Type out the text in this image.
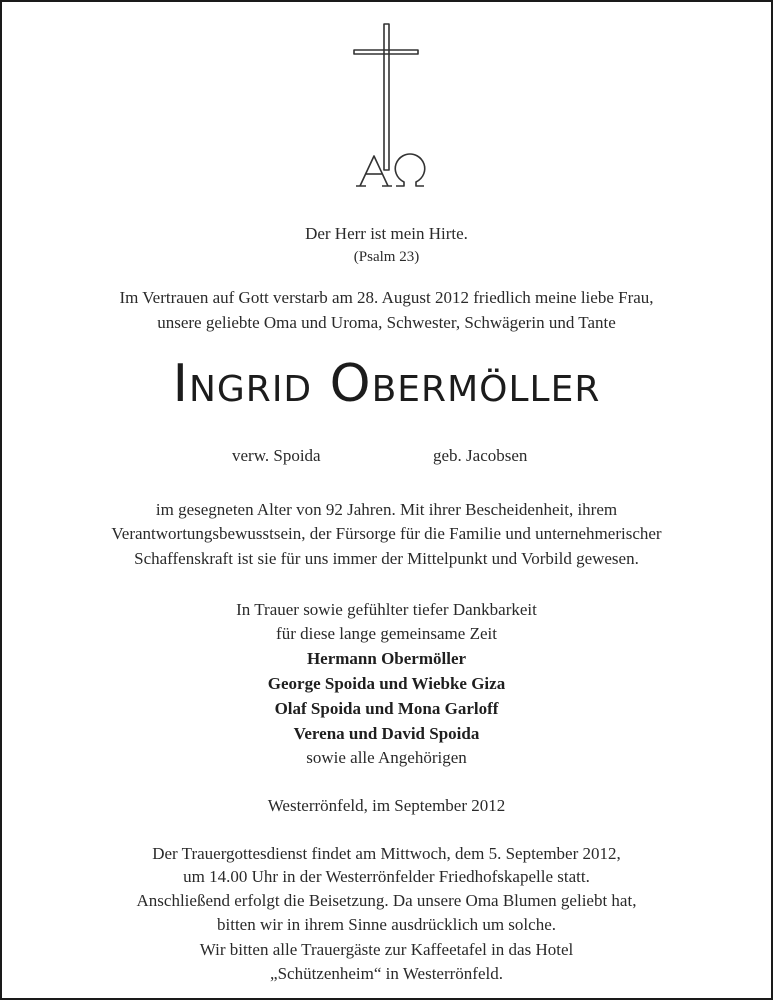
Der Herr ist mein Hirte.
(Psalm 23)
Im Vertrauen auf Gott verstarb am 28. August 2012 friedlich meine liebe Frau,
unsere geliebte Oma und Uroma, Schwester, Schwägerin und Tante
Ingrid Obermöller
verw. Spoida	geb. Jacobsen
im gesegneten Alter von 92 Jahren. Mit ihrer Bescheidenheit, ihrem
Verantwortungsbewusstsein, der Fürsorge für die Familie und unternehmerischer
Schaffenskraft ist sie für uns immer der Mittelpunkt und Vorbild gewesen.
In Trauer sowie gefühlter tiefer Dankbarkeit
für diese lange gemeinsame Zeit
Hermann Obermöller
George Spoida und Wiebke Giza
Olaf Spoida und Mona Garloff
Verena und David Spoida
sowie alle Angehörigen
Westerrönfeld, im September 2012
Der Trauergottesdienst findet am Mittwoch, dem 5. September 2012,
um 14.00 Uhr in der Westerrönfelder Friedhofskapelle statt.
Anschließend erfolgt die Beisetzung. Da unsere Oma Blumen geliebt hat,
bitten wir in ihrem Sinne ausdrücklich um solche.
Wir bitten alle Trauergäste zur Kaffeetafel in das Hotel
„Schützenheim“ in Westerrönfeld.
